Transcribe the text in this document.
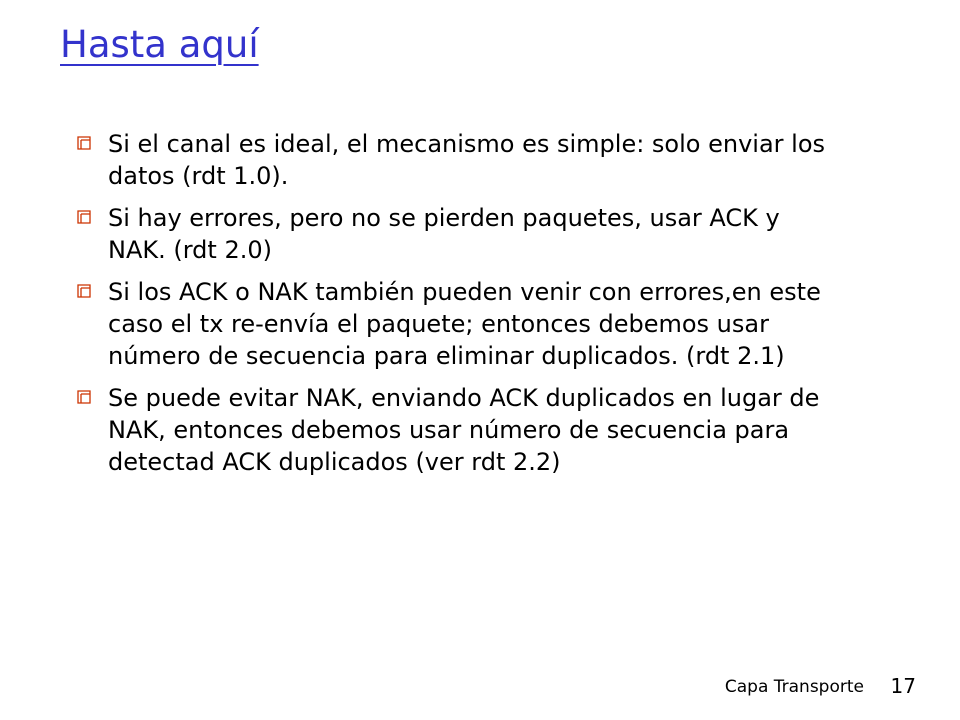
Hasta aquí
Si el canal es ideal, el mecanismo es simple: solo enviar los datos (rdt 1.0).
Si hay errores, pero no se pierden paquetes, usar ACK y NAK. (rdt 2.0)
Si los ACK o NAK también pueden venir con errores,en este caso el tx re-envía el paquete; entonces debemos usar número de secuencia para eliminar duplicados. (rdt 2.1)
Se puede evitar NAK, enviando ACK duplicados en lugar de NAK, entonces debemos usar número de secuencia para detectad ACK duplicados (ver rdt 2.2)
Capa Transporte 17
